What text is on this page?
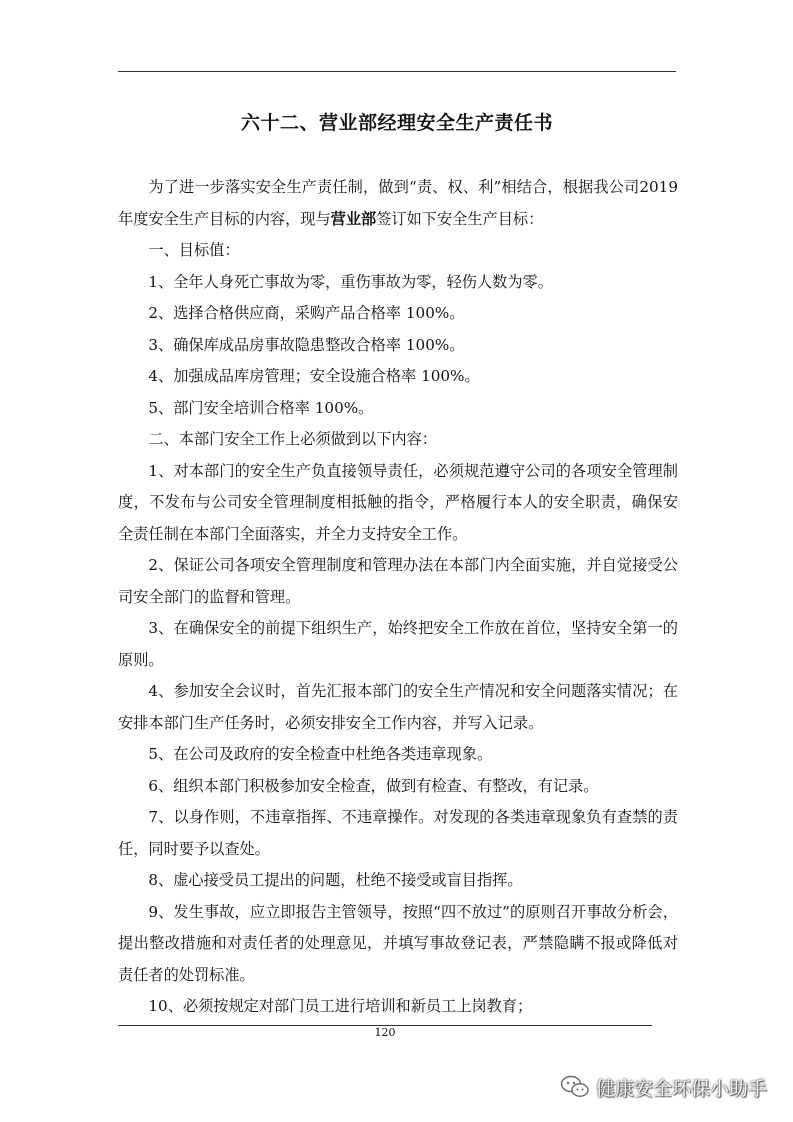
六十二、营业部经理安全生产责任书

为了进一步落实安全生产责任制，做到“责、权、利”相结合，根据我公司2019年度安全生产目标的内容，现与营业部签订如下安全生产目标：

一、目标值：

1、全年人身死亡事故为零，重伤事故为零，轻伤人数为零。

2、选择合格供应商，采购产品合格率 100%。

3、确保库成品房事故隐患整改合格率 100%。

4、加强成品库房管理；安全设施合格率 100%。

5、部门安全培训合格率 100%。

二、本部门安全工作上必须做到以下内容：

1、对本部门的安全生产负直接领导责任，必须规范遵守公司的各项安全管理制度，不发布与公司安全管理制度相抵触的指令，严格履行本人的安全职责，确保安全责任制在本部门全面落实，并全力支持安全工作。

2、保证公司各项安全管理制度和管理办法在本部门内全面实施，并自觉接受公司安全部门的监督和管理。

3、在确保安全的前提下组织生产，始终把安全工作放在首位，坚持安全第一的原则。

4、参加安全会议时，首先汇报本部门的安全生产情况和安全问题落实情况；在安排本部门生产任务时，必须安排安全工作内容，并写入记录。

5、在公司及政府的安全检查中杜绝各类违章现象。

6、组织本部门积极参加安全检查，做到有检查、有整改，有记录。

7、以身作则，不违章指挥、不违章操作。对发现的各类违章现象负有查禁的责任，同时要予以查处。

8、虚心接受员工提出的问题，杜绝不接受或盲目指挥。

9、发生事故，应立即报告主管领导，按照“四不放过”的原则召开事故分析会，提出整改措施和对责任者的处理意见，并填写事故登记表，严禁隐瞒不报或降低对责任者的处罚标准。

10、必须按规定对部门员工进行培训和新员工上岗教育；

120
健康安全环保小助手
